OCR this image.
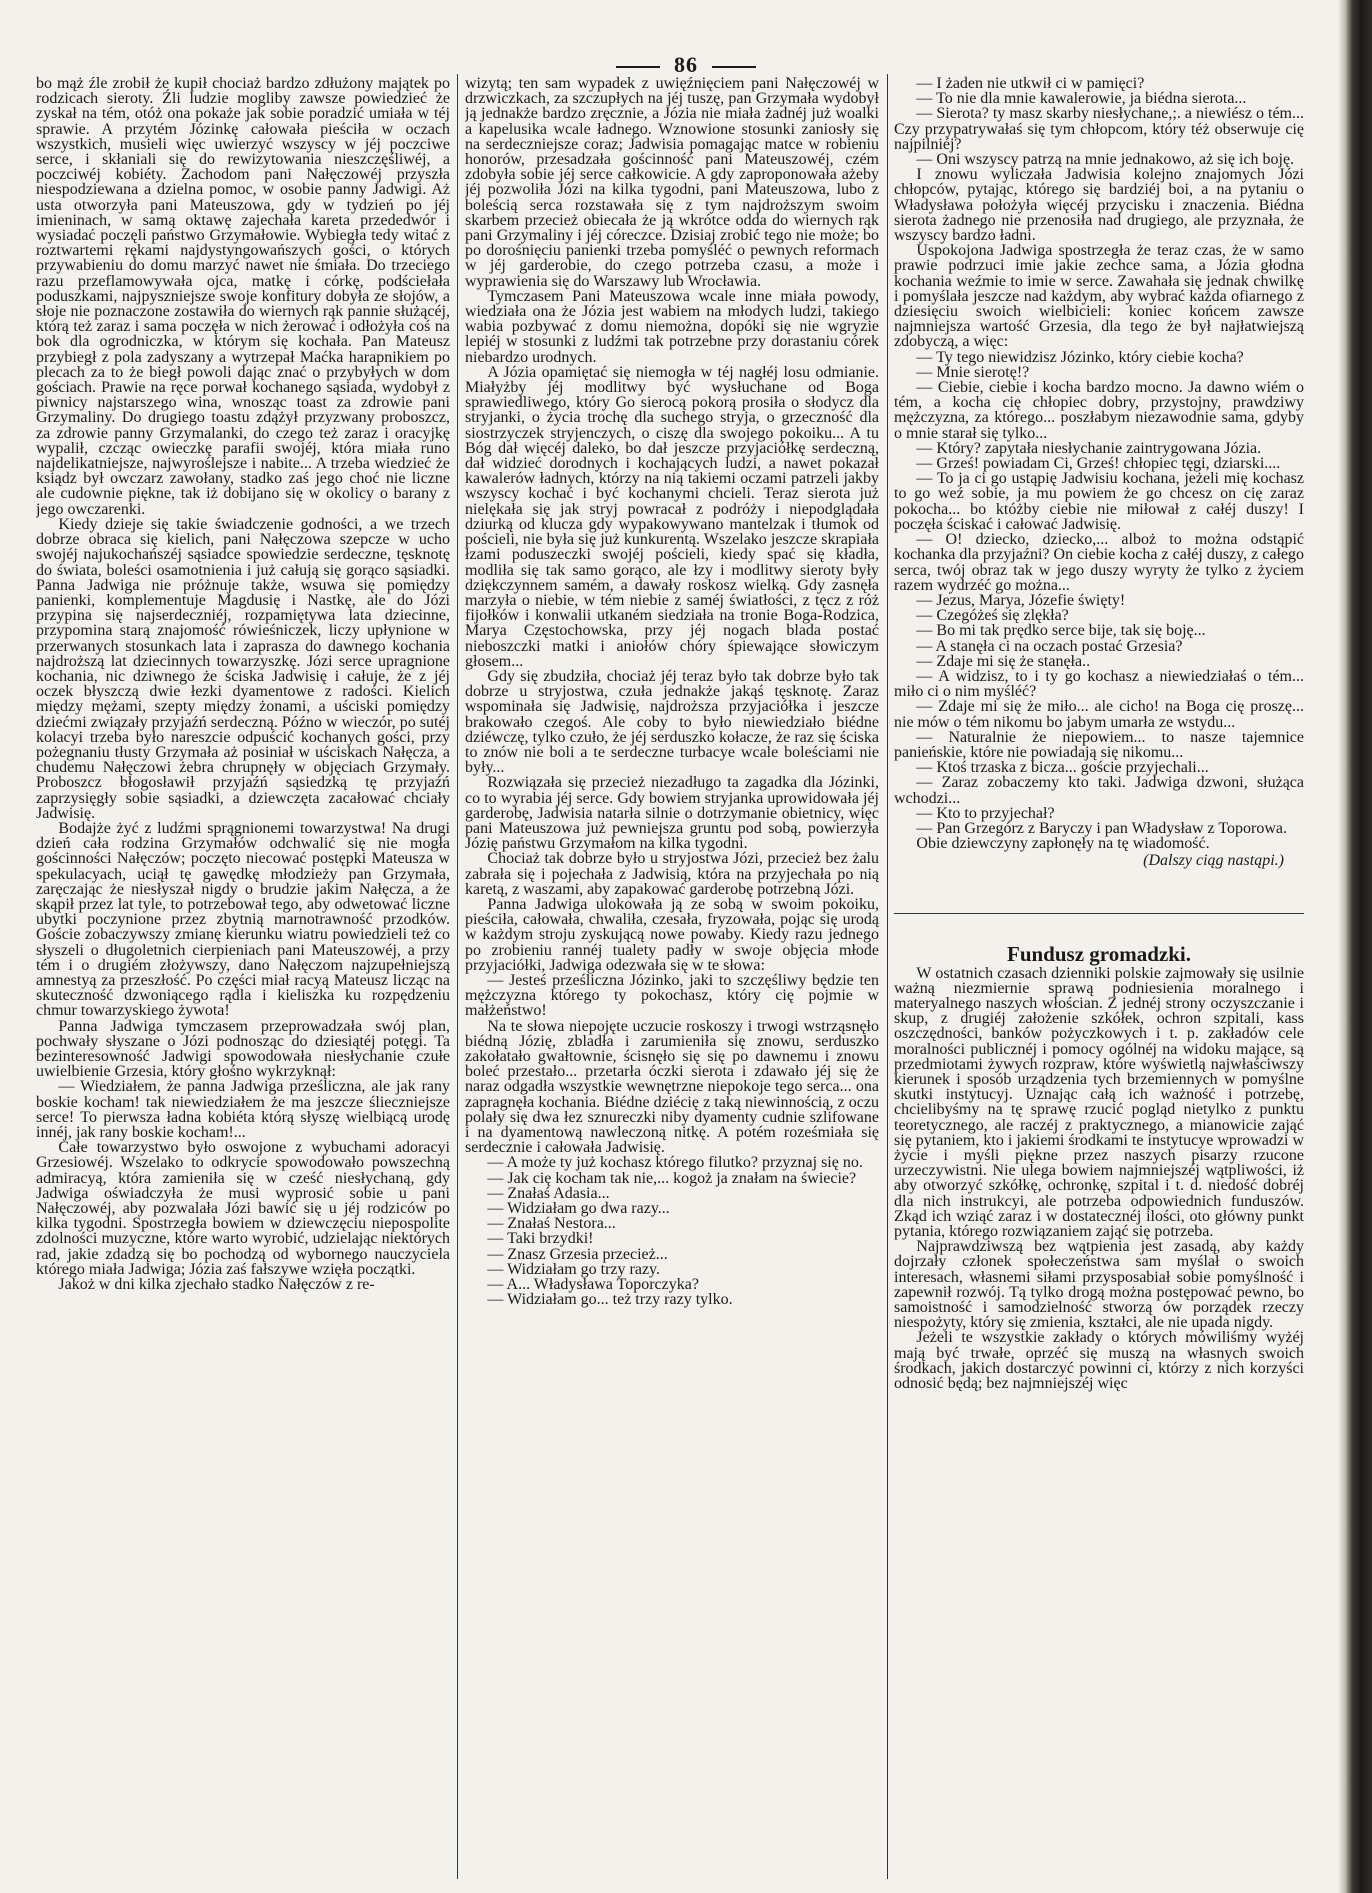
86

bo mąż źle zrobił że kupił chociaż bardzo zdłużony majątek po rodzicach sieroty. Źli ludzie mogliby zawsze powiedzieć że zyskał na tém, otóż ona pokaże jak sobie poradzić umiała w téj sprawie. A przytém Józinkę całowała pieściła w oczach wszystkich, musieli więc uwierzyć wszyscy w jéj poczciwe serce, i skłaniali się do rewizytowania nieszczęśliwéj, a poczciwéj kobiéty. Zachodom pani Nałęczowéj przyszła niespodziewana a dzielna pomoc, w osobie panny Jadwigi. Aż usta otworzyła pani Mateuszowa, gdy w tydzień po jéj imieninach, w samą oktawę zajechała kareta przededwór i wysiadać poczęli państwo Grzymałowie. Wybiegła tedy witać z roztwartemi rękami najdystyngowańszych gości, o których przywabieniu do domu marzyć nawet nie śmiała. Do trzeciego razu przeflamowywała ojca, matkę i córkę, podściełała poduszkami, najpyszniejsze swoje konfitury dobyła ze słojów, a słoje nie poznaczone zostawiła do wiernych rąk pannie służącéj, którą też zaraz i sama poczęła w nich żerować i odłożyła coś na bok dla ogrodniczka, w którym się kochała. Pan Mateusz przybiegł z pola zadyszany a wytrzepał Maćka harapnikiem po plecach za to że biegł powoli dając znać o przybyłych w dom gościach. Prawie na ręce porwał kochanego sąsiada, wydobył z piwnicy najstarszego wina, wnosząc toast za zdrowie pani Grzymaliny. Do drugiego toastu zdążył przyzwany proboszcz, za zdrowie panny Grzymalanki, do czego też zaraz i oracyjkę wypalił, czcząc owieczkę parafii swojéj, która miała runo najdelikatniejsze, najwyroślejsze i nabite... A trzeba wiedzieć że ksiądz był owczarz zawołany, stadko zaś jego choć nie liczne ale cudownie piękne, tak iż dobijano się w okolicy o barany z jego owczarenki.

Kiedy dzieje się takie świadczenie godności, a we trzech dobrze obraca się kielich, pani Nałęczowa szepcze w ucho swojéj najukochańszéj sąsiadce spowiedzie serdeczne, tęsknotę do świata, boleści osamotnienia i już całują się gorąco sąsiadki. Panna Jadwiga nie próżnuje także, wsuwa się pomiędzy panienki, komplementuje Magdusię i Nastkę, ale do Józi przypina się najserdeczniéj, rozpamiętywa lata dziecinne, przypomina starą znajomość rówieśniczek, liczy upłynione w przerwanych stosunkach lata i zaprasza do dawnego kochania najdroższą lat dziecinnych towarzyszkę. Józi serce upragnione kochania, nic dziwnego że ściska Jadwisię i całuje, że z jéj oczek błyszczą dwie łezki dyamentowe z radości. Kielich między mężami, szepty między żonami, a uściski pomiędzy dziećmi związały przyjaźń serdeczną. Późno w wieczór, po sutéj kolacyi trzeba było nareszcie odpuścić kochanych gości, przy pożegnaniu tłusty Grzymała aż posiniał w uściskach Nałęcza, a chudemu Nałęczowi żebra chrupnęły w objęciach Grzymały. Proboszcz błogosławił przyjaźń sąsiedzką tę przyjaźń zaprzysięgły sobie sąsiadki, a dziewczęta zacałować chciały Jadwisię.

Bodajże żyć z ludźmi sprągnionemi towarzystwa! Na drugi dzień cała rodzina Grzymałów odchwalić się nie mogła gościnności Nałęczów; poczęto niecować postępki Mateusza w spekulacyach, uciął tę gawędkę młodzieży pan Grzymała, zaręczając że niesłyszał nigdy o brudzie jakim Nałęcza, a że skąpił przez lat tyle, to potrzebował tego, aby odwetować liczne ubytki poczynione przez zbytnią marnotrawność przodków. Goście zobaczywszy zmianę kierunku wiatru powiedzieli też co słyszeli o długoletnich cierpieniach pani Mateuszowéj, a przy tém i o drugiém złożywszy, dano Nałęczom najzupełniejszą amnestyą za przeszłość. Po części miał racyą Mateusz licząc na skuteczność dzwoniącego rądla i kieliszka ku rozpędzeniu chmur towarzyskiego żywota!

Panna Jadwiga tymczasem przeprowadzała swój plan, pochwały słyszane o Józi podnosząc do dziesiątéj potęgi. Ta bezinteresowność Jadwigi spowodowała niesłychanie czułe uwielbienie Grzesia, który głośno wykrzyknął:

— Wiedziałem, że panna Jadwiga prześliczna, ale jak rany boskie kocham! tak niewiedziałem że ma jeszcze ślieczniejsze serce! To pierwsza ładna kobiéta którą słyszę wielbiącą urodę innéj, jak rany boskie kocham!...

Całe towarzystwo było oswojone z wybuchami adoracyi Grzesiowéj. Wszelako to odkrycie spowodowało powszechną admiracyą, która zamieniła się w cześć niesłychaną, gdy Jadwiga oświadczyła że musi wyprosić sobie u pani Nałęczowéj, aby pozwalała Józi bawić się u jéj rodziców po kilka tygodni. Spostrzegła bowiem w dziewczęciu niepospolite zdolności muzyczne, które warto wyrobić, udzielając niektórych rad, jakie zdadzą się bo pochodzą od wybornego nauczyciela którego miała Jadwiga; Józia zaś fałszywe wzięła początki.

Jakoż w dni kilka zjechało stadko Nałęczów z re-

wizytą; ten sam wypadek z uwięźnięciem pani Nałęczowéj w drzwiczkach, za szczupłych na jéj tuszę, pan Grzymała wydobył ją jednakże bardzo zręcznie, a Józia nie miała żadnéj już woalki a kapelusika wcale ładnego. Wznowione stosunki zaniosły się na serdeczniejsze coraz; Jadwisia pomagając matce w robieniu honorów, przesadzała gościnność pani Mateuszowéj, czém zdobyła sobie jéj serce całkowicie. A gdy zaproponowała ażeby jéj pozwoliła Józi na kilka tygodni, pani Mateuszowa, lubo z boleścią serca rozstawała się z tym najdroższym swoim skarbem przecież obiecała że ją wkrótce odda do wiernych rąk pani Grzymaliny i jéj córeczce. Dzisiaj zrobić tego nie może; bo po dorośnięciu panienki trzeba pomyśléć o pewnych reformach w jéj garderobie, do czego potrzeba czasu, a może i wyprawienia się do Warszawy lub Wrocławia.

Tymczasem Pani Mateuszowa wcale inne miała powody, wiedziała ona że Józia jest wabiem na młodych ludzi, takiego wabia pozbywać z domu niemożna, dopóki się nie wgryzie lepiéj w stosunki z ludźmi tak potrzebne przy dorastaniu córek niebardzo urodnych.

A Józia opamiętać się niemogła w téj nagłéj losu odmianie. Miałyżby jéj modlitwy być wysłuchane od Boga sprawiedliwego, który Go sierocą pokorą prosiła o słodycz dla stryjanki, o życia trochę dla suchego stryja, o grzeczność dla siostrzyczek stryjenczych, o ciszę dla swojego pokoiku... A tu Bóg dał więcéj daleko, bo dał jeszcze przyjaciółkę serdeczną, dał widzieć dorodnych i kochających ludzi, a nawet pokazał kawalerów ładnych, którzy na nią takiemi oczami patrzeli jakby wszyscy kochać i być kochanymi chcieli. Teraz sierota już nielękała się jak stryj powracał z podróży i niepodglądała dziurką od klucza gdy wypakowywano mantelzak i tłumok od pościeli, nie była się już kunkurentą. Wszelako jeszcze skrapiała łzami poduszeczki swojéj pościeli, kiedy spać się kładła, modliła się tak samo gorąco, ale łzy i modlitwy sieroty były dziękczynnem samém, a dawały roskosz wielką. Gdy zasnęła marzyła o niebie, w tém niebie z saméj światłości, z tęcz z róż fijołków i konwalii utkaném siedziała na tronie Boga-Rodzica, Marya Częstochowska, przy jéj nogach blada postać nieboszczki matki i aniołów chóry śpiewające słowiczym głosem...

Gdy się zbudziła, chociaż jéj teraz było tak dobrze było tak dobrze u stryjostwa, czuła jednakże jakąś tęsknotę. Zaraz wspominała się Jadwisię, najdroższa przyjaciółka i jeszcze brakowało czegoś. Ale coby to było niewiedziało biédne dziéwczę, tylko czuło, że jéj serduszko kołacze, że raz się ściska to znów nie boli a te serdeczne turbacye wcale boleściami nie były...

Rozwiązała się przecież niezadługo ta zagadka dla Józinki, co to wyrabia jéj serce. Gdy bowiem stryjanka uprowidowała jéj garderobę, Jadwisia natarła silnie o dotrzymanie obietnicy, więc pani Mateuszowa już pewniejsza gruntu pod sobą, powierzyła Józię państwu Grzymałom na kilka tygodni.

Chociaż tak dobrze było u stryjostwa Józi, przecież bez żalu zabrała się i pojechała z Jadwisią, która na przyjechała po nią karetą, z waszami, aby zapakować garderobę potrzebną Józi.

Panna Jadwiga ulokowała ją ze sobą w swoim pokoiku, pieściła, całowała, chwaliła, czesała, fryzowała, pojąc się urodą w każdym stroju zyskującą nowe powaby. Kiedy razu jednego po zrobieniu rannéj tualety padły w swoje objęcia młode przyjaciółki, Jadwiga odezwała się w te słowa:

— Jesteś prześliczna Józinko, jaki to szczęśliwy będzie ten mężczyzna którego ty pokochasz, który cię pojmie w małżeństwo!

Na te słowa niepojęte uczucie roskoszy i trwogi wstrząsnęło biédną Józię, zbladła i zarumieniła się znowu, serduszko zakołatało gwałtownie, ścisnęło się się po dawnemu i znowu boleć przestało... przetarła óczki sierota i zdawało jéj się że naraz odgadła wszystkie wewnętrzne niepokoje tego serca... ona zapragnęła kochania. Biédne dziécię z taką niewinnością, z oczu polały się dwa łez sznureczki niby dyamenty cudnie szlifowane i na dyamentową nawleczoną nitkę. A potém roześmiała się serdecznie i całowała Jadwisię.

— A może ty już kochasz którego filutko? przyznaj się no.

— Jak cię kocham tak nie,... kogoż ja znałam na świecie?

— Znałaś Adasia...

— Widziałam go dwa razy...

— Znałaś Nestora...

— Taki brzydki!

— Znasz Grzesia przecież...

— Widziałam go trzy razy.

— A... Władysława Toporczyka?

— Widziałam go... też trzy razy tylko.

— I żaden nie utkwił ci w pamięci?

— To nie dla mnie kawalerowie, ja biédna sierota...

— Sierota? ty masz skarby niesłychane,;. a niewiész o tém... Czy przypatrywałaś się tym chłopcom, który téż obserwuje cię najpilniéj?

— Oni wszyscy patrzą na mnie jednakowo, aż się ich boję.

I znowu wyliczała Jadwisia kolejno znajomych Józi chłopców, pytając, którego się bardziéj boi, a na pytaniu o Władysława położyła więcéj przycisku i znaczenia. Biédna sierota żadnego nie przenosiła nad drugiego, ale przyznała, że wszyscy bardzo ładni.

Uspokojona Jadwiga spostrzegła że teraz czas, że w samo prawie podrzuci imie jakie zechce sama, a Józia głodna kochania weźmie to imie w serce. Zawahała się jednak chwilkę i pomyślała jeszcze nad każdym, aby wybrać każda ofiarnego z dziesięciu swoich wielbicieli: koniec końcem zawsze najmniejsza wartość Grzesia, dla tego że był najłatwiejszą zdobyczą, a więc:

— Ty tego niewidzisz Józinko, który ciebie kocha?

— Mnie sierotę!?

— Ciebie, ciebie i kocha bardzo mocno. Ja dawno wiém o tém, a kocha cię chłopiec dobry, przystojny, prawdziwy mężczyzna, za którego... poszłabym niezawodnie sama, gdyby o mnie starał się tylko...

— Który? zapytała niesłychanie zaintrygowana Józia.

— Grześ! powiadam Ci, Grześ! chłopiec tęgi, dziarski....

— To ja ci go ustąpię Jadwisiu kochana, jeżeli mię kochasz to go weź sobie, ja mu powiem że go chcesz on cię zaraz pokocha... bo któżby ciebie nie miłował z całéj duszy! I poczęła ściskać i całować Jadwisię.

— O! dziecko, dziecko,... alboż to można odstąpić kochanka dla przyjaźni? On ciebie kocha z całéj duszy, z całego serca, twój obraz tak w jego duszy wyryty że tylko z życiem razem wydrzéć go można...

— Jezus, Marya, Józefie święty!

— Czegóżeś się zlękła?

— Bo mi tak prędko serce bije, tak się boję...

— A stanęła ci na oczach postać Grzesia?

— Zdaje mi się że stanęła..

— A widzisz, to i ty go kochasz a niewiedziałaś o tém... miło ci o nim myśléć?

— Zdaje mi się że miło... ale cicho! na Boga cię proszę... nie mów o tém nikomu bo jabym umarła ze wstydu...

— Naturalnie że niepowiem... to nasze tajemnice panieńskie, które nie powiadają się nikomu...

— Ktoś trzaska z bicza... goście przyjechali...

— Zaraz zobaczemy kto taki. Jadwiga dzwoni, służąca wchodzi...

— Kto to przyjechał?

— Pan Grzegórz z Baryczy i pan Władysław z Toporowa.

Obie dziewczyny zapłonęły na tę wiadomość.

(Dalszy ciąg nastąpi.)

Fundusz gromadzki.

W ostatnich czasach dzienniki polskie zajmowały się usilnie ważną niezmiernie sprawą podniesienia moralnego i materyalnego naszych włościan. Z jednéj strony oczyszczanie i skup, z drugiéj założenie szkółek, ochron szpitali, kass oszczędności, banków pożyczkowych i t. p. zakładów cele moralności publicznéj i pomocy ogólnéj na widoku mające, są przedmiotami żywych rozpraw, które wyświetlą najwłaściwszy kierunek i sposób urządzenia tych brzemiennych w pomyślne skutki instytucyj. Uznając całą ich ważność i potrzebę, chcielibyśmy na tę sprawę rzucić pogląd nietylko z punktu teoretycznego, ale raczéj z praktycznego, a mianowicie zająć się pytaniem, kto i jakiemi środkami te instytucye wprowadzi w życie i myśli piękne przez naszych pisarzy rzucone urzeczywistni. Nie ulega bowiem najmniejszéj wątpliwości, iż aby otworzyć szkółkę, ochronkę, szpital i t. d. niedość dobréj dla nich instrukcyi, ale potrzeba odpowiednich funduszów. Zkąd ich wziąć zaraz i w dostatecznéj ilości, oto główny punkt pytania, którego rozwiązaniem zająć się potrzeba.

Najprawdziwszą bez wątpienia jest zasadą, aby każdy dojrzały członek społeczeństwa sam myślał o swoich interesach, własnemi siłami przysposabiał sobie pomyślność i zapewnił rozwój. Tą tylko drogą można postępować pewno, bo samoistność i samodzielność stworzą ów porządek rzeczy niespożyty, który się zmienia, kształci, ale nie upada nigdy.

Jeżeli te wszystkie zakłady o których mówiliśmy wyżéj mają być trwałe, oprzéć się muszą na własnych swoich środkach, jakich dostarczyć powinni ci, którzy z nich korzyści odnosić będą; bez najmniejszéj więc
